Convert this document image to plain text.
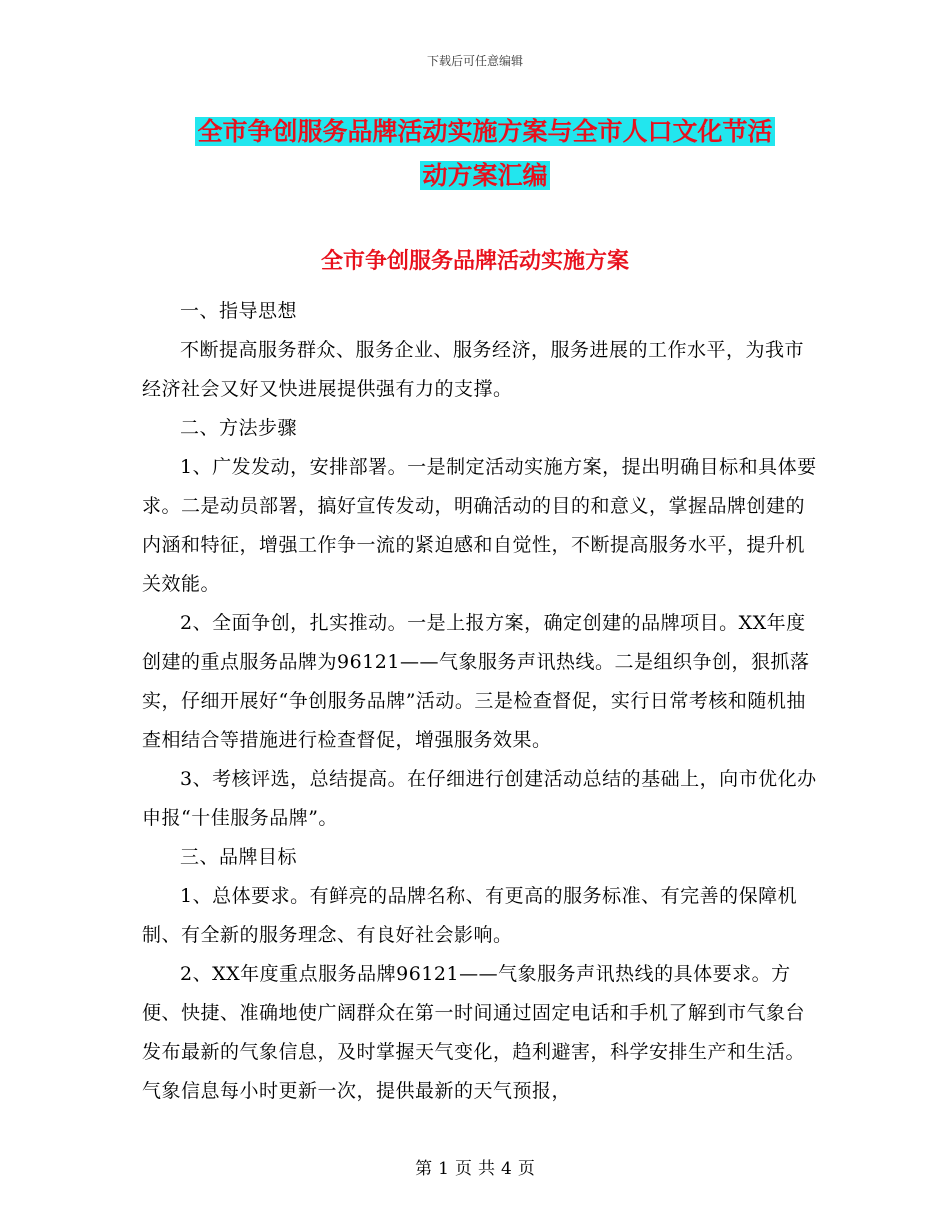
下载后可任意编辑
全市争创服务品牌活动实施方案与全市人口文化节活
动方案汇编
全市争创服务品牌活动实施方案

一、指导思想

不断提高服务群众、服务企业、服务经济，服务进展的工作水平，为我市经济社会又好又快进展提供强有力的支撑。

二、方法步骤

1、广发发动，安排部署。一是制定活动实施方案，提出明确目标和具体要求。二是动员部署，搞好宣传发动，明确活动的目的和意义，掌握品牌创建的内涵和特征，增强工作争一流的紧迫感和自觉性，不断提高服务水平，提升机关效能。

2、全面争创，扎实推动。一是上报方案，确定创建的品牌项目。XX年度创建的重点服务品牌为96121——气象服务声讯热线。二是组织争创，狠抓落实，仔细开展好“争创服务品牌”活动。三是检查督促，实行日常考核和随机抽查相结合等措施进行检查督促，增强服务效果。

3、考核评选，总结提高。在仔细进行创建活动总结的基础上，向市优化办申报“十佳服务品牌”。

三、品牌目标

1、总体要求。有鲜亮的品牌名称、有更高的服务标准、有完善的保障机制、有全新的服务理念、有良好社会影响。

2、XX年度重点服务品牌96121——气象服务声讯热线的具体要求。方便、快捷、准确地使广阔群众在第一时间通过固定电话和手机了解到市气象台发布最新的气象信息，及时掌握天气变化，趋利避害，科学安排生产和生活。气象信息每小时更新一次，提供最新的天气预报，

第 1 页 共 4 页
